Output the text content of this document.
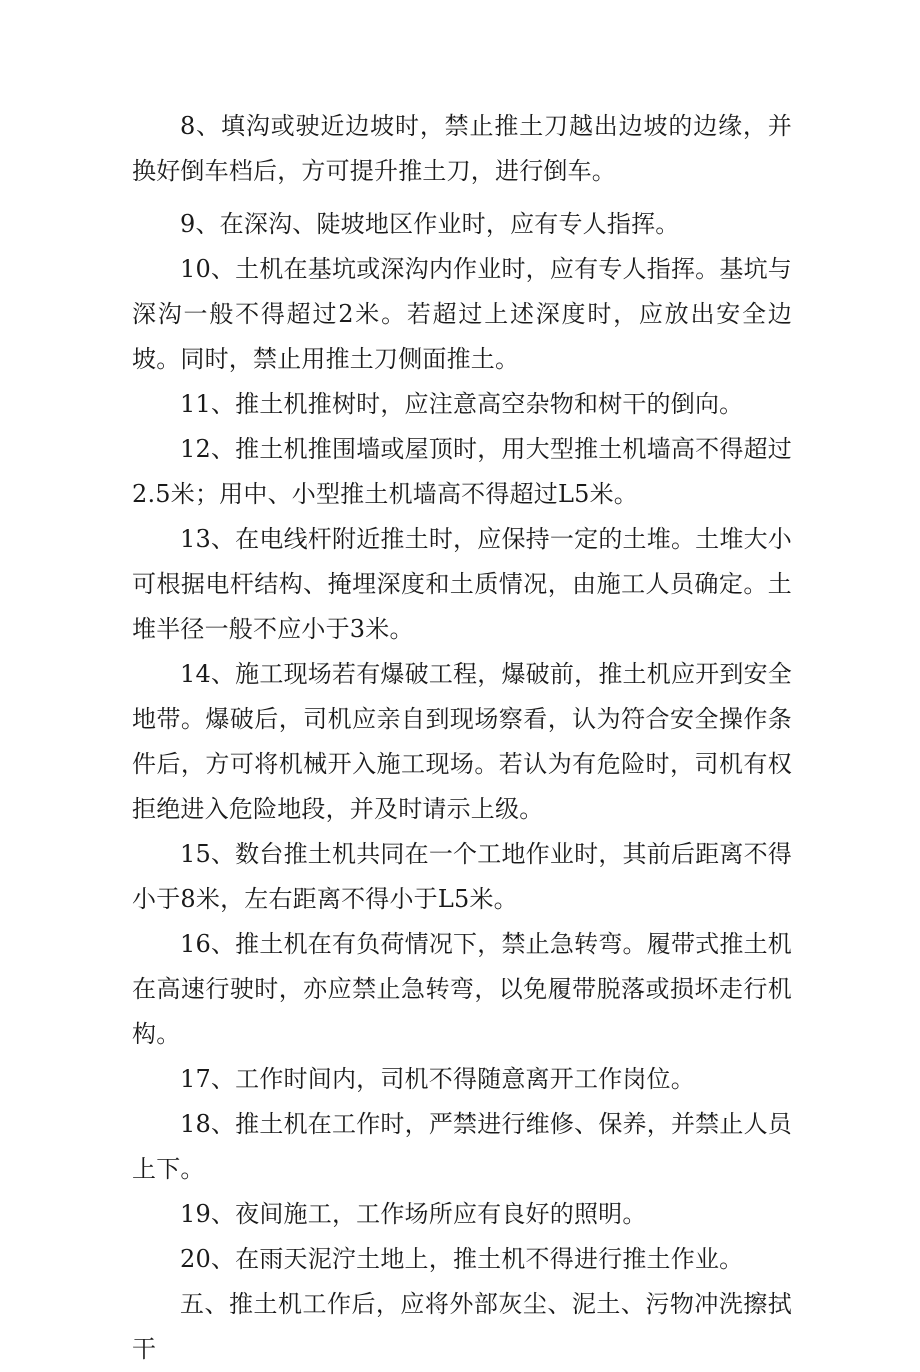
8、填沟或驶近边坡时，禁止推土刀越出边坡的边缘，并换好倒车档后，方可提升推土刀，进行倒车。

9、在深沟、陡坡地区作业时，应有专人指挥。

10、土机在基坑或深沟内作业时，应有专人指挥。基坑与深沟一般不得超过2米。若超过上述深度时，应放出安全边坡。同时，禁止用推土刀侧面推土。

11、推土机推树时，应注意高空杂物和树干的倒向。

12、推土机推围墙或屋顶时，用大型推土机墙高不得超过2.5米；用中、小型推土机墙高不得超过L5米。

13、在电线杆附近推土时，应保持一定的土堆。土堆大小可根据电杆结构、掩埋深度和土质情况，由施工人员确定。土堆半径一般不应小于3米。

14、施工现场若有爆破工程，爆破前，推土机应开到安全地带。爆破后，司机应亲自到现场察看，认为符合安全操作条件后，方可将机械开入施工现场。若认为有危险时，司机有权拒绝进入危险地段，并及时请示上级。

15、数台推土机共同在一个工地作业时，其前后距离不得小于8米，左右距离不得小于L5米。

16、推土机在有负荷情况下，禁止急转弯。履带式推土机在高速行驶时，亦应禁止急转弯，以免履带脱落或损坏走行机构。

17、工作时间内，司机不得随意离开工作岗位。

18、推土机在工作时，严禁进行维修、保养，并禁止人员上下。

19、夜间施工，工作场所应有良好的照明。

20、在雨天泥泞土地上，推土机不得进行推土作业。

五、推土机工作后，应将外部灰尘、泥土、污物冲洗擦拭干
